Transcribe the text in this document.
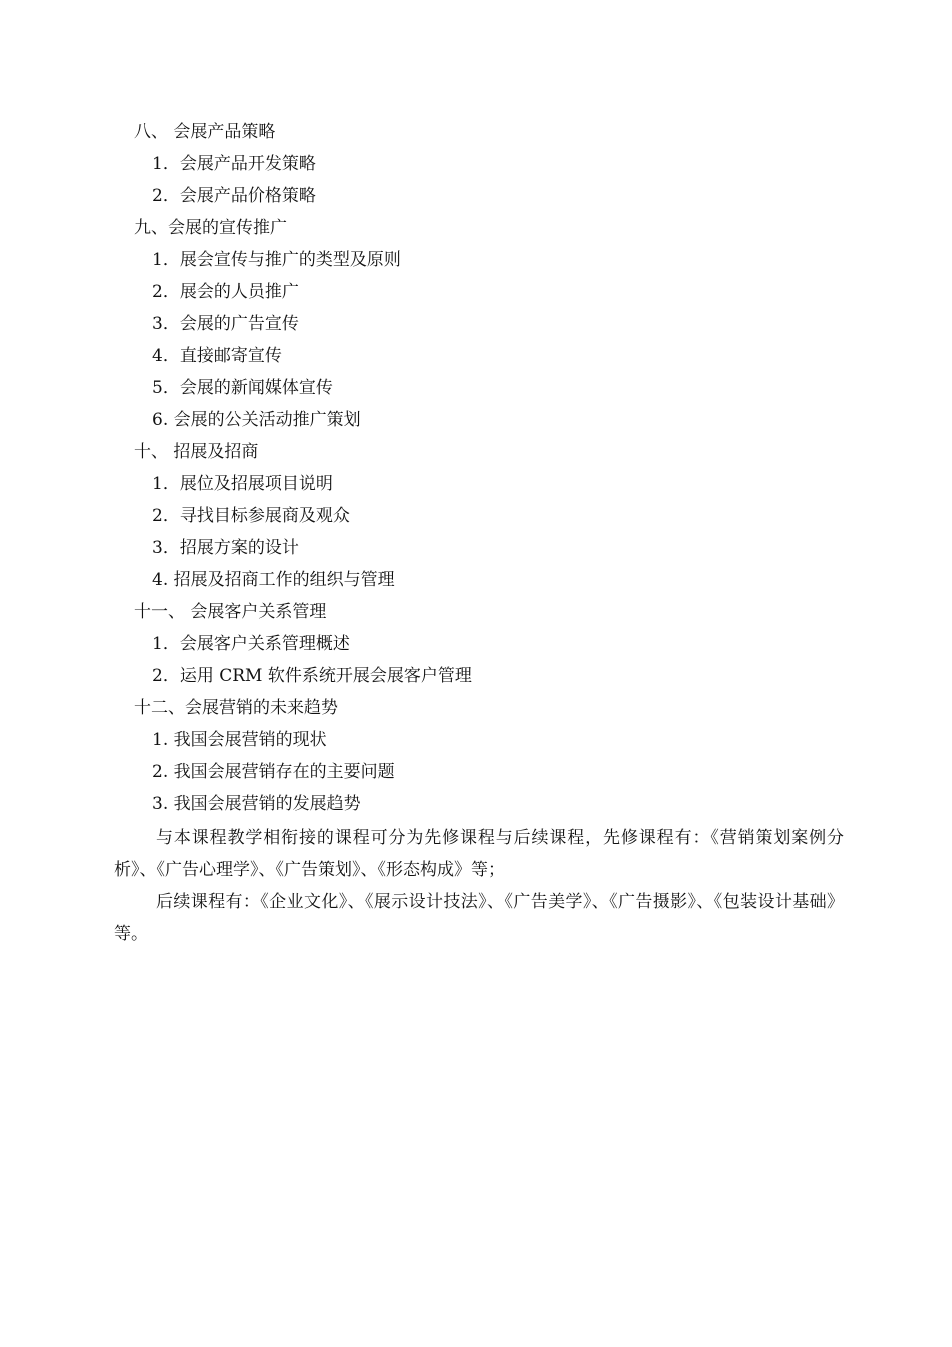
八、 会展产品策略
1．会展产品开发策略
2．会展产品价格策略
九、会展的宣传推广
1．展会宣传与推广的类型及原则
2．展会的人员推广
3．会展的广告宣传
4．直接邮寄宣传
5．会展的新闻媒体宣传
6. 会展的公关活动推广策划
十、 招展及招商
1．展位及招展项目说明
2．寻找目标参展商及观众
3．招展方案的设计
4. 招展及招商工作的组织与管理
十一、 会展客户关系管理
1．会展客户关系管理概述
2．运用 CRM 软件系统开展会展客户管理
十二、会展营销的未来趋势
1. 我国会展营销的现状
2. 我国会展营销存在的主要问题
3. 我国会展营销的发展趋势
与本课程教学相衔接的课程可分为先修课程与后续课程，先修课程有：《营销策划案例分析》、《广告心理学》、《广告策划》、《形态构成》等；
后续课程有：《企业文化》、《展示设计技法》、《广告美学》、《广告摄影》、《包装设计基础》等。
